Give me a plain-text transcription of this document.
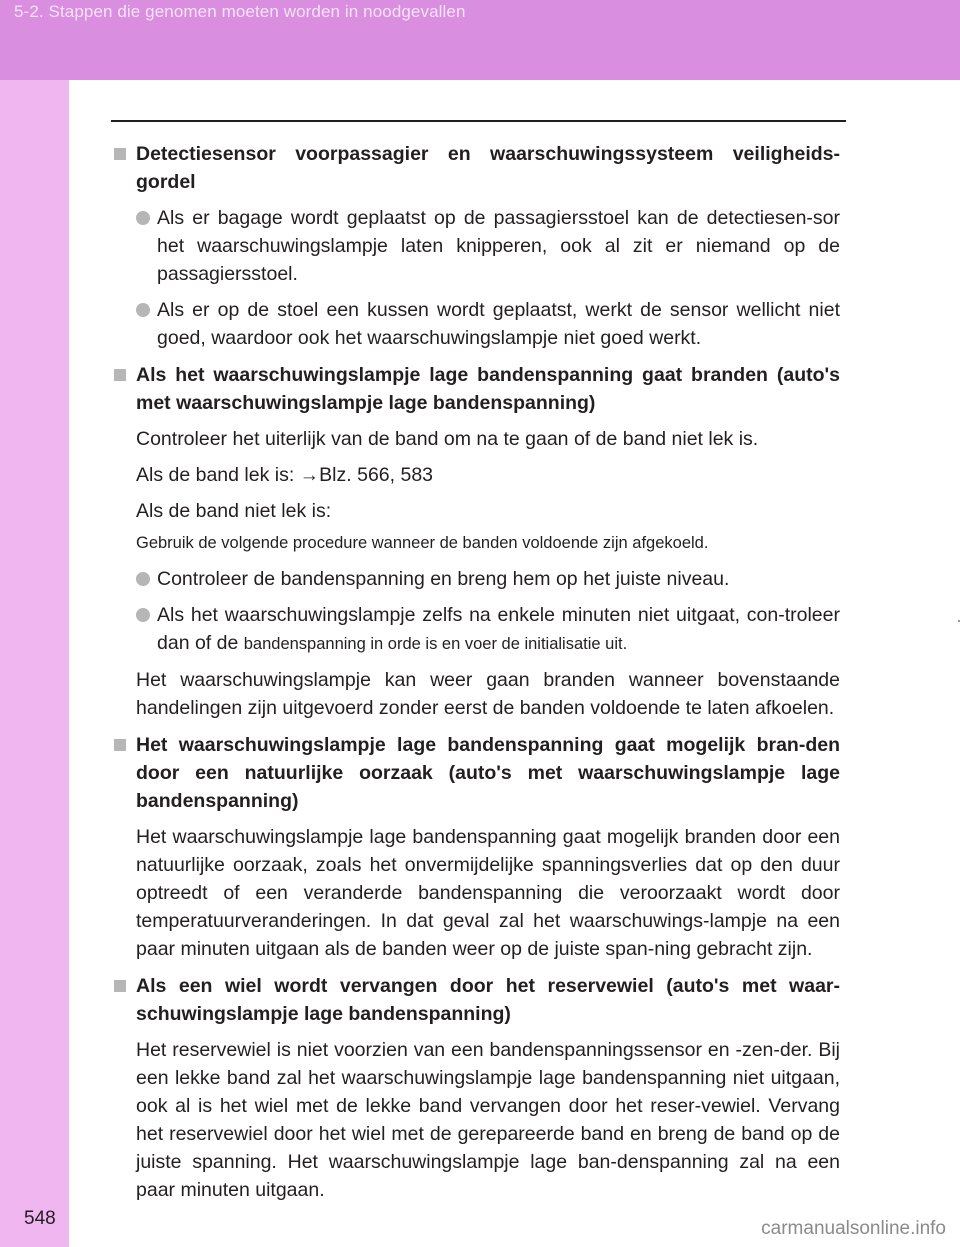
5-2. Stappen die genomen moeten worden in noodgevallen
Detectiesensor voorpassagier en waarschuwingssysteem veiligheids-gordel
Als er bagage wordt geplaatst op de passagiersstoel kan de detectiesen-sor het waarschuwingslampje laten knipperen, ook al zit er niemand op de passagiersstoel.
Als er op de stoel een kussen wordt geplaatst, werkt de sensor wellicht niet goed, waardoor ook het waarschuwingslampje niet goed werkt.
Als het waarschuwingslampje lage bandenspanning gaat branden (auto's met waarschuwingslampje lage bandenspanning)
Controleer het uiterlijk van de band om na te gaan of de band niet lek is.
Als de band lek is: →Blz. 566, 583
Als de band niet lek is:
Gebruik de volgende procedure wanneer de banden voldoende zijn afgekoeld.
Controleer de bandenspanning en breng hem op het juiste niveau.
Als het waarschuwingslampje zelfs na enkele minuten niet uitgaat, con-troleer dan of de bandenspanning in orde is en voer de initialisatie uit.
Het waarschuwingslampje kan weer gaan branden wanneer bovenstaande handelingen zijn uitgevoerd zonder eerst de banden voldoende te laten afkoelen.
Het waarschuwingslampje lage bandenspanning gaat mogelijk bran-den door een natuurlijke oorzaak (auto's met waarschuwingslampje lage bandenspanning)
Het waarschuwingslampje lage bandenspanning gaat mogelijk branden door een natuurlijke oorzaak, zoals het onvermijdelijke spanningsverlies dat op den duur optreedt of een veranderde bandenspanning die veroorzaakt wordt door temperatuurveranderingen. In dat geval zal het waarschuwings-lampje na een paar minuten uitgaan als de banden weer op de juiste span-ning gebracht zijn.
Als een wiel wordt vervangen door het reservewiel (auto's met waar-schuwingslampje lage bandenspanning)
Het reservewiel is niet voorzien van een bandenspanningssensor en -zen-der. Bij een lekke band zal het waarschuwingslampje lage bandenspanning niet uitgaan, ook al is het wiel met de lekke band vervangen door het reser-vewiel. Vervang het reservewiel door het wiel met de gerepareerde band en breng de band op de juiste spanning. Het waarschuwingslampje lage ban-denspanning zal na een paar minuten uitgaan.
548	carmanualsonline.info
